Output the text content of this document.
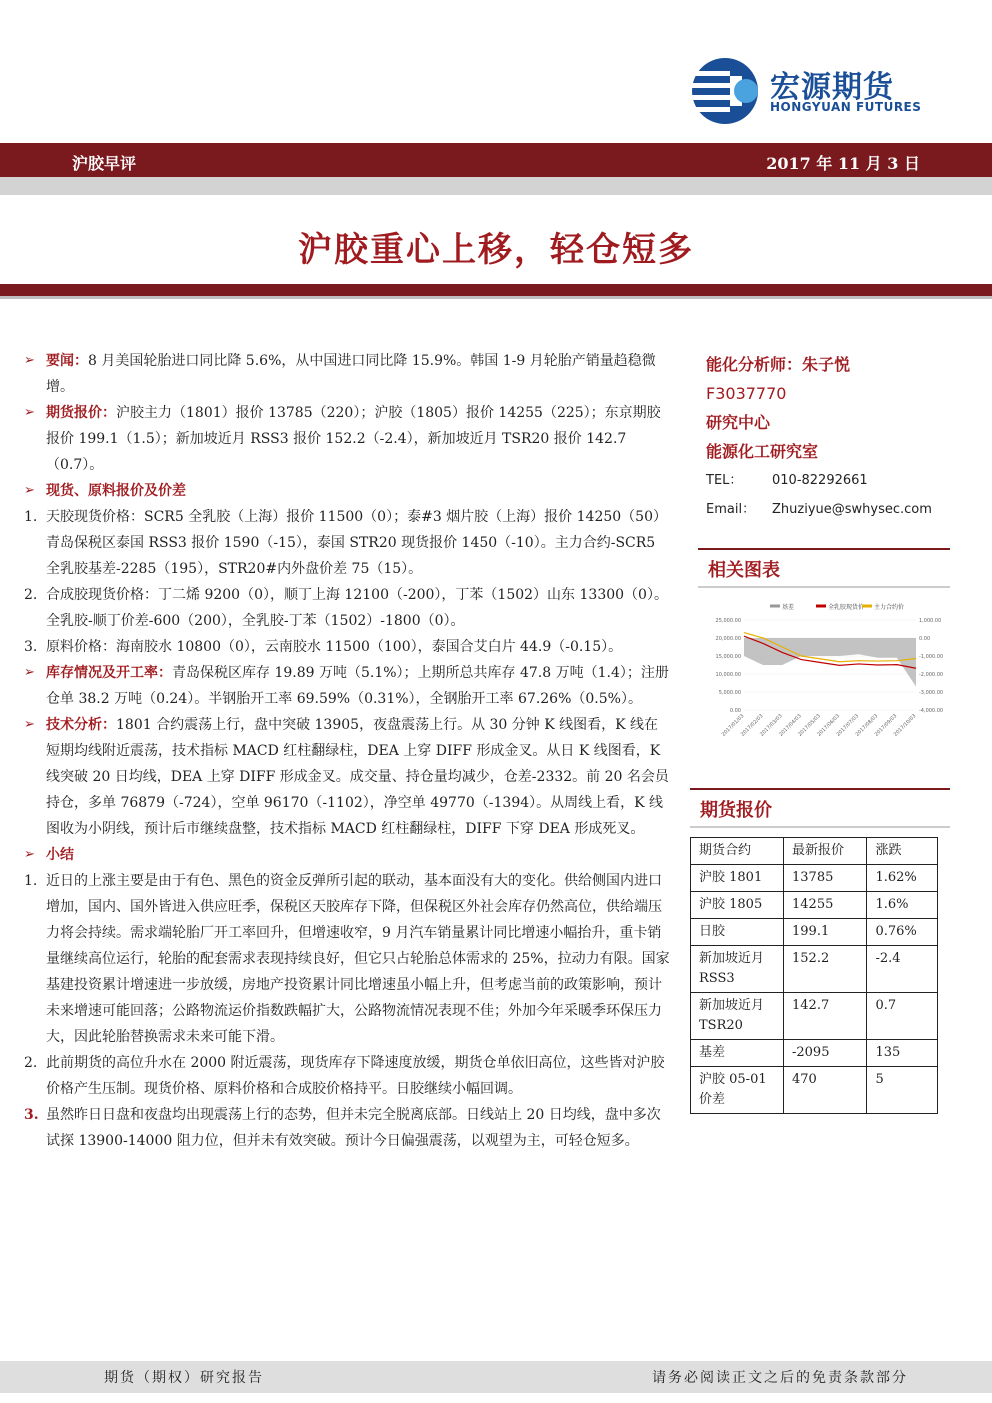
宏源期货
HONGYUAN FUTURES
沪胶早评	2017 年 11 月 3 日
沪胶重心上移，轻仓短多

➢ 要闻：8 月美国轮胎进口同比降 5.6%，从中国进口同比降 15.9%。韩国 1-9 月轮胎产销量趋稳微增。

➢ 期货报价：沪胶主力（1801）报价 13785（220）；沪胶（1805）报价 14255（225）；东京期胶报价 199.1（1.5）；新加坡近月 RSS3 报价 152.2（-2.4），新加坡近月 TSR20 报价 142.7（0.7）。

➢ 现货、原料报价及价差

1. 天胶现货价格：SCR5 全乳胶（上海）报价 11500（0）；泰#3 烟片胶（上海）报价 14250（50）青岛保税区泰国 RSS3 报价 1590（-15），泰国 STR20 现货报价 1450（-10）。主力合约-SCR5 全乳胶基差-2285（195），STR20#内外盘价差 75（15）。

2. 合成胶现货价格：丁二烯 9200（0），顺丁上海 12100（-200），丁苯（1502）山东 13300（0）。全乳胶-顺丁价差-600（200），全乳胶-丁苯（1502）-1800（0）。

3. 原料价格：海南胶水 10800（0），云南胶水 11500（100），泰国合艾白片 44.9（-0.15）。

➢ 库存情况及开工率：青岛保税区库存 19.89 万吨（5.1%）；上期所总共库存 47.8 万吨（1.4）；注册仓单 38.2 万吨（0.24）。半钢胎开工率 69.59%（0.31%），全钢胎开工率 67.26%（0.5%）。

➢ 技术分析：1801 合约震荡上行，盘中突破 13905，夜盘震荡上行。从 30 分钟 K 线图看，K 线在短期均线附近震荡，技术指标 MACD 红柱翻绿柱，DEA 上穿 DIFF 形成金叉。从日 K 线图看，K 线突破 20 日均线，DEA 上穿 DIFF 形成金叉。成交量、持仓量均减少，仓差-2332。前 20 名会员持仓，多单 76879（-724），空单 96170（-1102），净空单 49770（-1394）。从周线上看，K 线图收为小阴线，预计后市继续盘整，技术指标 MACD 红柱翻绿柱，DIFF 下穿 DEA 形成死叉。

➢ 小结

1. 近日的上涨主要是由于有色、黑色的资金反弹所引起的联动，基本面没有大的变化。供给侧国内进口增加，国内、国外皆进入供应旺季，保税区天胶库存下降，但保税区外社会库存仍然高位，供给端压力将会持续。需求端轮胎厂开工率回升，但增速收窄，9 月汽车销量累计同比增速小幅抬升，重卡销量继续高位运行，轮胎的配套需求表现持续良好，但它只占轮胎总体需求的 25%，拉动力有限。国家基建投资累计增速进一步放缓，房地产投资累计同比增速虽小幅上升，但考虑当前的政策影响，预计未来增速可能回落；公路物流运价指数跌幅扩大，公路物流情况表现不佳；外加今年采暖季环保压力大，因此轮胎替换需求未来可能下滑。

2. 此前期货的高位升水在 2000 附近震荡，现货库存下降速度放缓，期货仓单依旧高位，这些皆对沪胶价格产生压制。现货价格、原料价格和合成胶价格持平。日胶继续小幅回调。

3. 虽然昨日日盘和夜盘均出现震荡上行的态势，但并未完全脱离底部。日线站上 20 日均线，盘中多次试探 13900-14000 阻力位，但并未有效突破。预计今日偏强震荡，以观望为主，可轻仓短多。

能化分析师：朱子悦
F3037770
研究中心
能源化工研究室
TEL：	010-82292661
Email：	Zhuziyue@swhysec.com
相关图表
基差	全乳胶现货价 主力合约价
25,000.00
20,000.00
15,000.00
10,000.00
5,000.00
0.00
1,000.00
0.00
-1,000.00
-2,000.00
-3,000.00
-4,000.00
2017/01/03
2017/02/03
2017/03/03
2017/04/03
2017/05/03
2017/06/03
2017/07/03
2017/08/03
2017/09/03
2017/10/03
期货报价
期货合约	最新报价	涨跌
沪胶 1801	13785	1.62%
沪胶 1805	14255	1.6%
日胶	199.1	0.76%
新加坡近月 RSS3	152.2	-2.4
新加坡近月 TSR20	142.7	0.7
基差	-2095	135
沪胶 05-01 价差	470	5
期货（期权）研究报告	请务必阅读正文之后的免责条款部分
